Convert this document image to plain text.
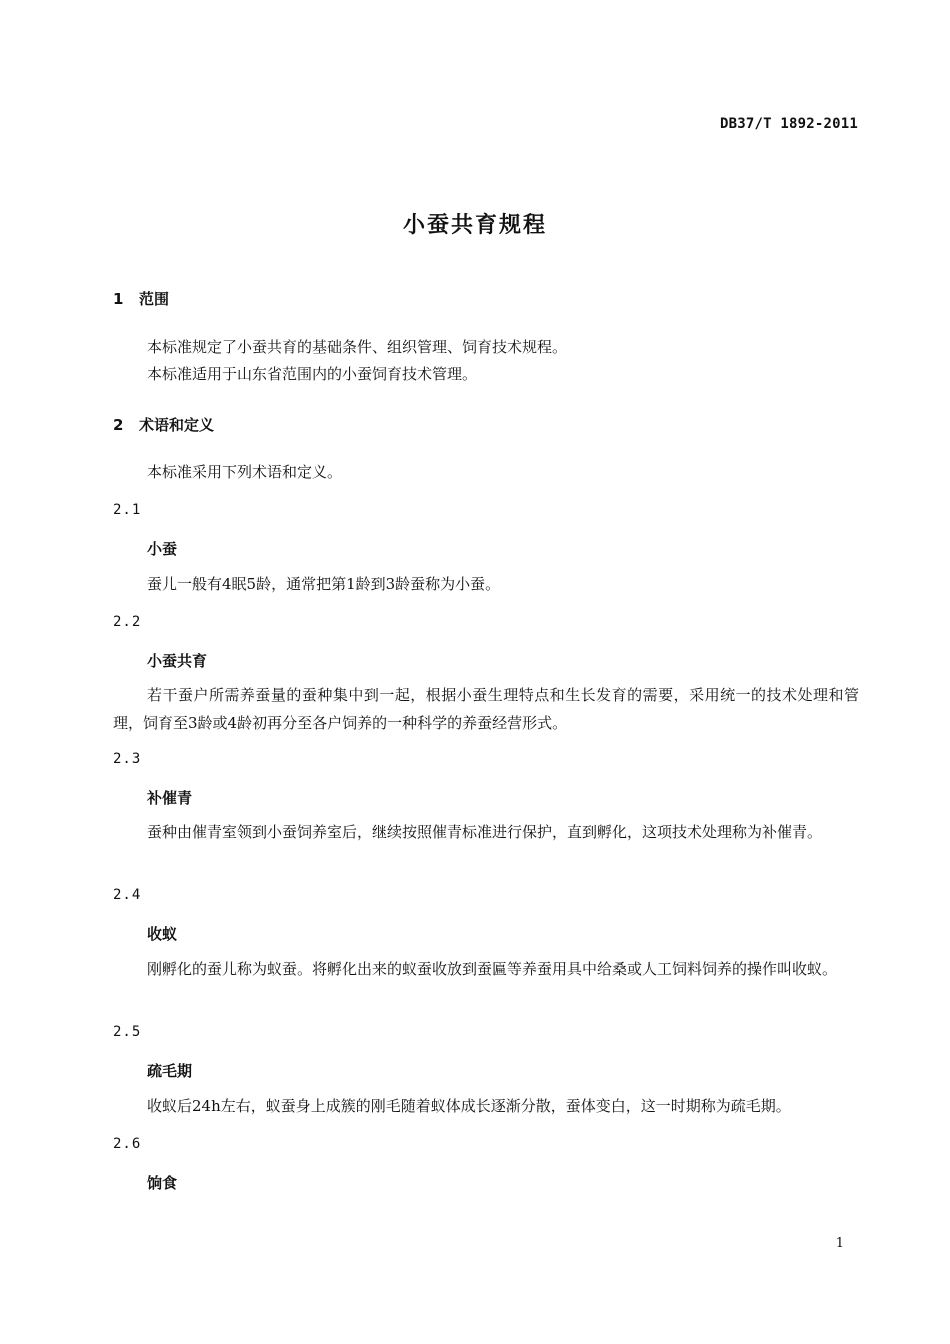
DB37/T 1892-2011
小蚕共育规程
1 范围
本标准规定了小蚕共育的基础条件、组织管理、饲育技术规程。
本标准适用于山东省范围内的小蚕饲育技术管理。
2 术语和定义
本标准采用下列术语和定义。
2.1
小蚕
蚕儿一般有4眠5龄，通常把第1龄到3龄蚕称为小蚕。
2.2
小蚕共育
若干蚕户所需养蚕量的蚕种集中到一起，根据小蚕生理特点和生长发育的需要，采用统一的技术处理和管理，饲育至3龄或4龄初再分至各户饲养的一种科学的养蚕经营形式。
2.3
补催青
蚕种由催青室领到小蚕饲养室后，继续按照催青标准进行保护，直到孵化，这项技术处理称为补催青。
2.4
收蚁
刚孵化的蚕儿称为蚁蚕。将孵化出来的蚁蚕收放到蚕匾等养蚕用具中给桑或人工饲料饲养的操作叫收蚁。
2.5
疏毛期
收蚁后24h左右，蚁蚕身上成簇的刚毛随着蚁体成长逐渐分散，蚕体变白，这一时期称为疏毛期。
2.6
饷食
1
